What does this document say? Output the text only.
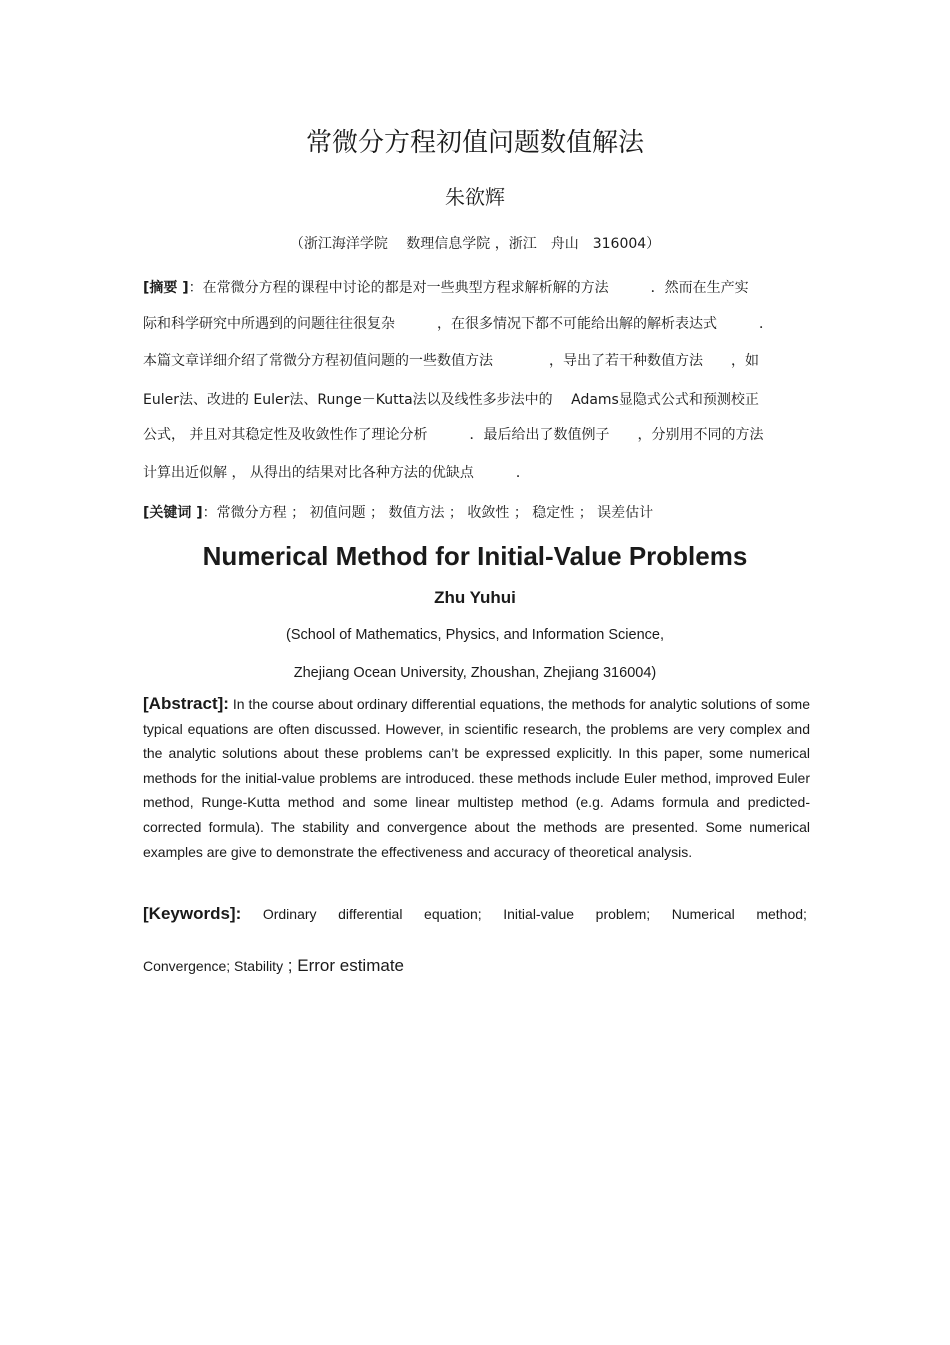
常微分方程初值问题数值解法
朱欲辉
（浙江海洋学院　 数理信息学院 ，浙江　舟山　316004）
[摘要 ]：在常微分方程的课程中讨论的都是对一些典型方程求解析解的方法　　　．然而在生产实
际和科学研究中所遇到的问题往往很复杂　　　，在很多情况下都不可能给出解的解析表达式　　　．
本篇文章详细介绍了常微分方程初值问题的一些数值方法　　　　，导出了若干种数值方法　　，如
Euler法、改进的 Euler法、Runge－Kutta法以及线性多步法中的　 Adams显隐式公式和预测校正
公式， 并且对其稳定性及收敛性作了理论分析　　　．最后给出了数值例子　　，分别用不同的方法
计算出近似解 ， 从得出的结果对比各种方法的优缺点　　　．
[关键词 ]：常微分方程 ； 初值问题 ； 数值方法 ； 收敛性 ； 稳定性 ； 误差估计
Numerical Method for Initial-Value Problems
Zhu Yuhui
(School of Mathematics, Physics, and Information Science,
Zhejiang Ocean University, Zhoushan, Zhejiang 316004)
[Abstract]: In the course about ordinary differential equations, the methods for analytic solutions of some typical equations are often discussed. However, in scientific research, the problems are very complex and the analytic solutions about these problems can’t be expressed explicitly. In this paper, some numerical methods for the initial-value problems are introduced. these methods include Euler method, improved Euler method, Runge-Kutta method and some linear multistep method (e.g. Adams formula and predicted-corrected formula). The stability and convergence about the methods are presented. Some numerical examples are give to demonstrate the effectiveness and accuracy of theoretical analysis.
[Keywords]: Ordinary differential equation; Initial-value problem; Numerical method;
Convergence; Stability ; Error estimate
